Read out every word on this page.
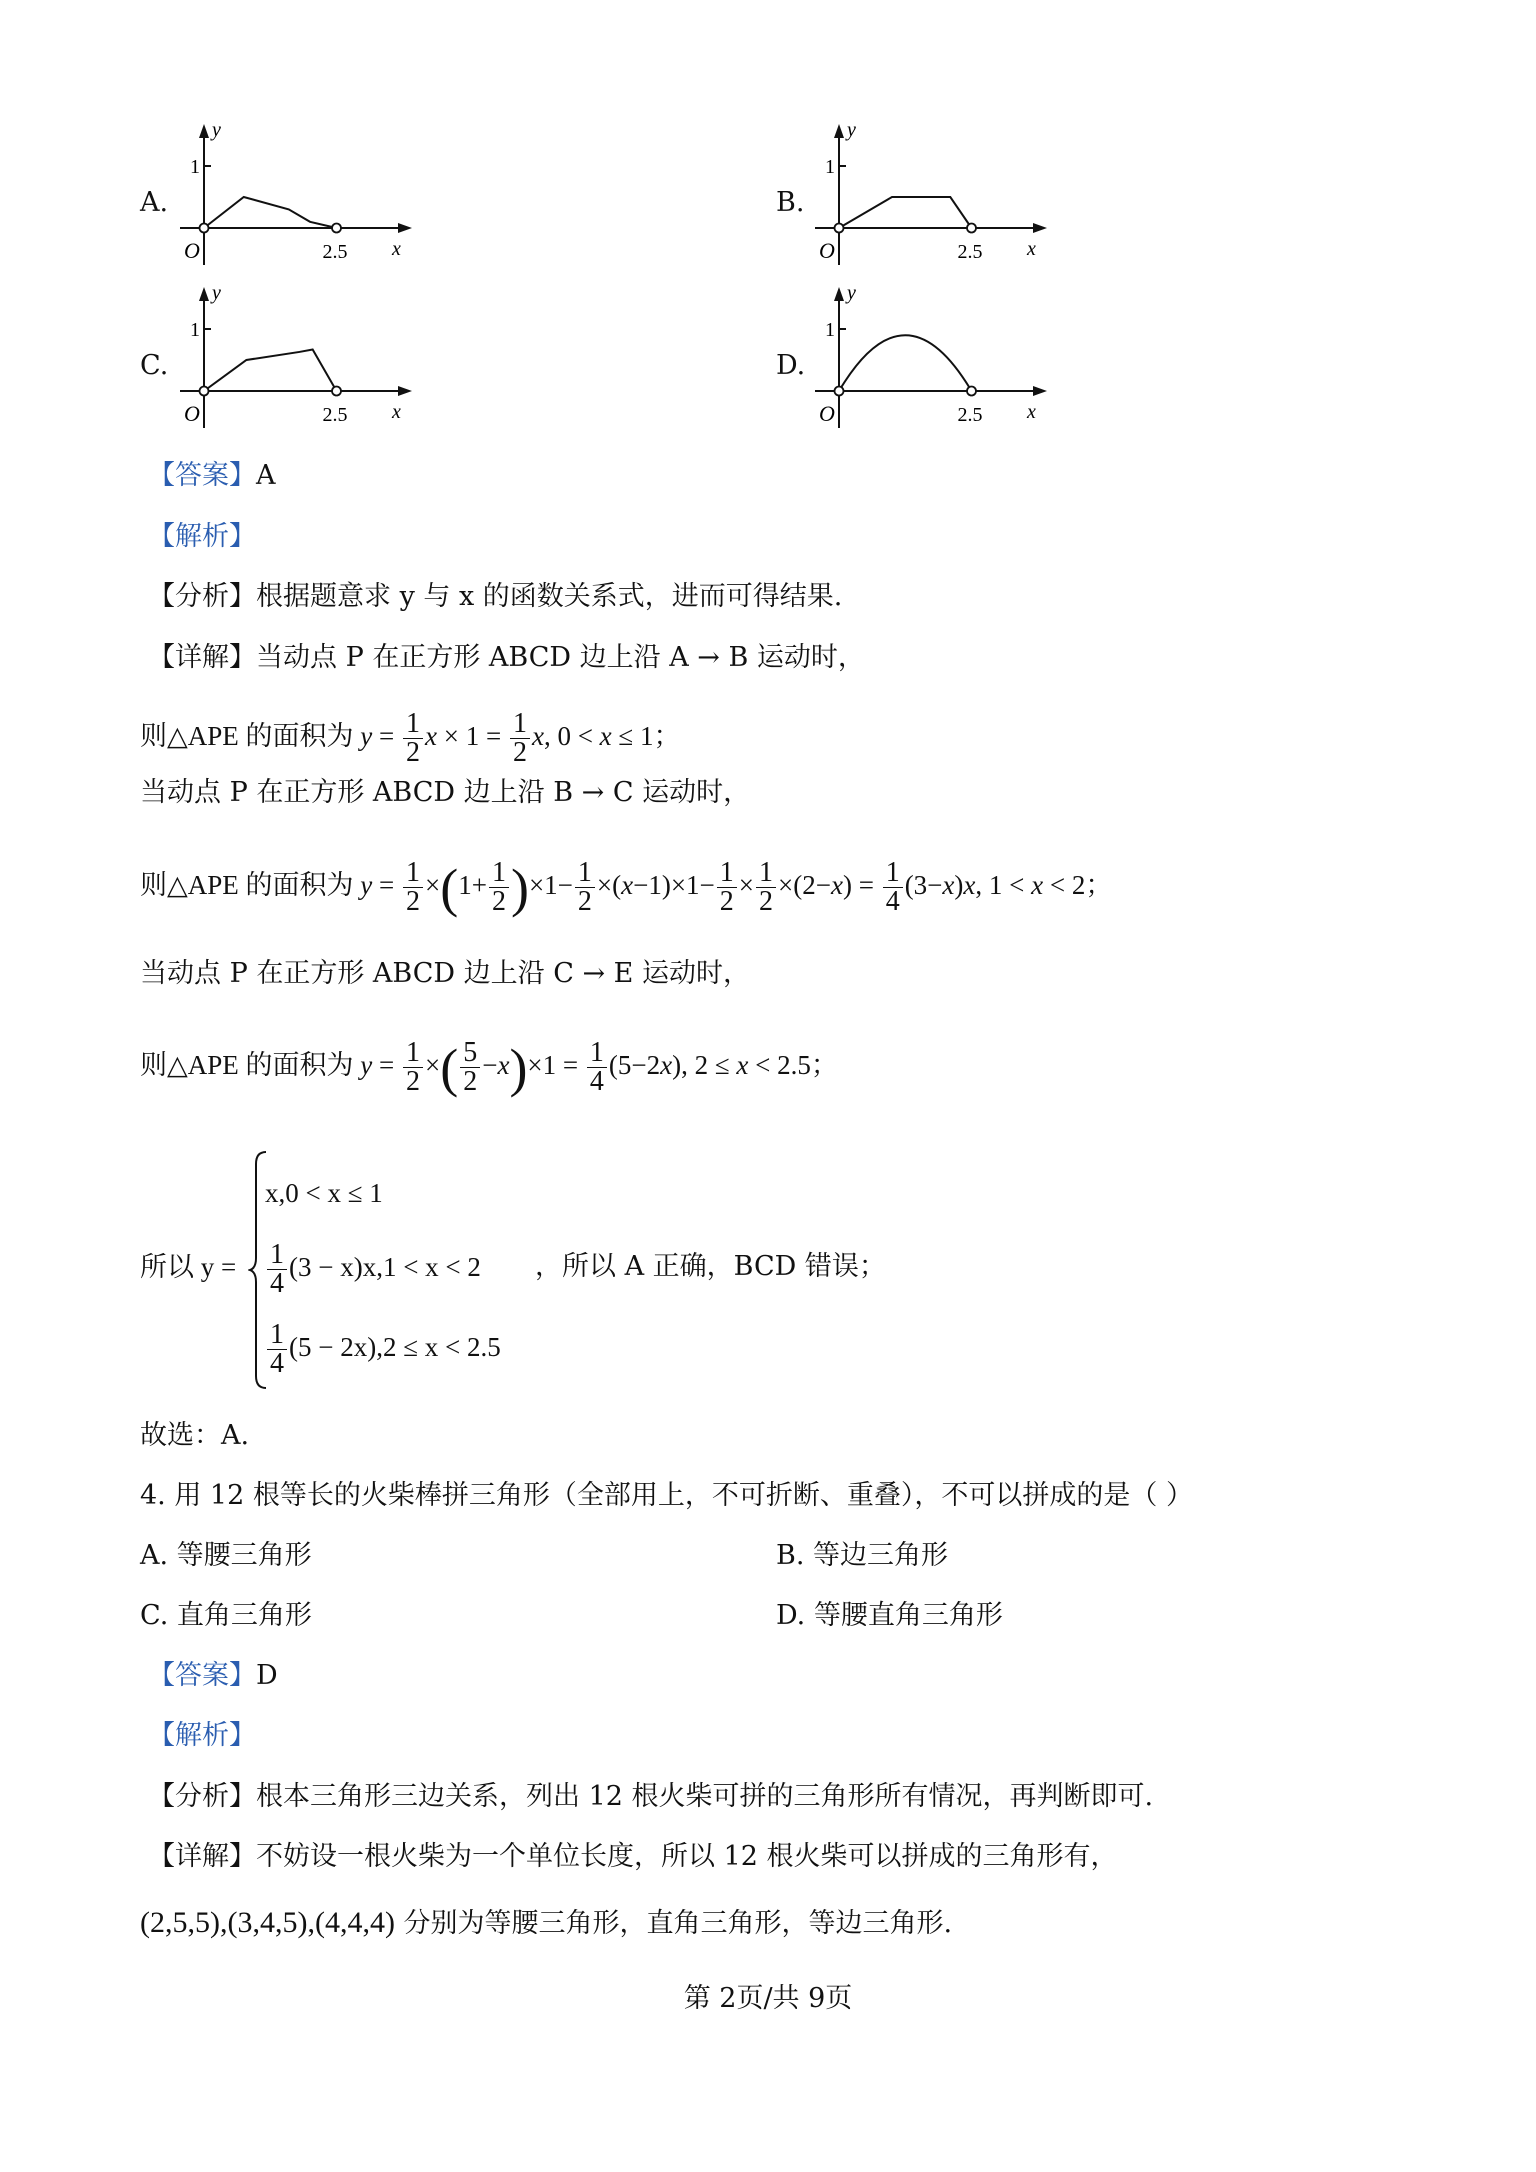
A.	B.
C.	D.
1
y
x
O	2.5
1
y
x
O	2.5
1
y
x
O	2.5
1
y
x
O	2.5
【答案】A
【解析】
【分析】根据题意求 y 与 x 的函数关系式，进而可得结果.
【详解】当动点 P 在正方形 ABCD 边上沿 A → B 运动时，
则△APE 的面积为 $y = \frac{1}{2}$ $x \times 1 = \frac{1}{2} x$, 0 < x ≤ 1；
当动点 P 在正方形 ABCD 边上沿 B → C 运动时，
则△APE 的面积为 $y = \frac{1}{2} \times(1+ \frac{1}{2} )\times 1- \frac{1}{2} \times(x-1)\times 1- \frac{1}{2} \times \frac{1}{2} \times(2-x) = \frac{1}{4} (3-x)x$, 1 < x < 2；
当动点 P 在正方形 ABCD 边上沿 C → E 运动时，
则△APE 的面积为 $y = \frac{1}{2}$ ×( $\frac{5}{2} -x)\times 1 = \frac{1}{4} (5-2x)$, 2 ≤ x < 2.5；
所以 y =
x,0 < x ≤ 1
$\frac{1}{4} (3 - x)x,1 < x < 2$
$\frac{1}{4} (5 - 2x),2 \le x < 2.5$
，所以 A 正确，BCD 错误；
故选：A.
4. 用 12 根等长的火柴棒拼三角形（全部用上，不可折断、重叠），不可以拼成的是（ ）
A. 等腰三角形	B. 等边三角形
C. 直角三角形	D. 等腰直角三角形
【答案】D
【解析】
【分析】根本三角形三边关系，列出 12 根火柴可拼的三角形所有情况，再判断即可.
【详解】不妨设一根火柴为一个单位长度，所以 12 根火柴可以拼成的三角形有，
(2,5,5),(3,4,5),(4,4,4) 分别为等腰三角形，直角三角形，等边三角形.
第 2页/共 9页
